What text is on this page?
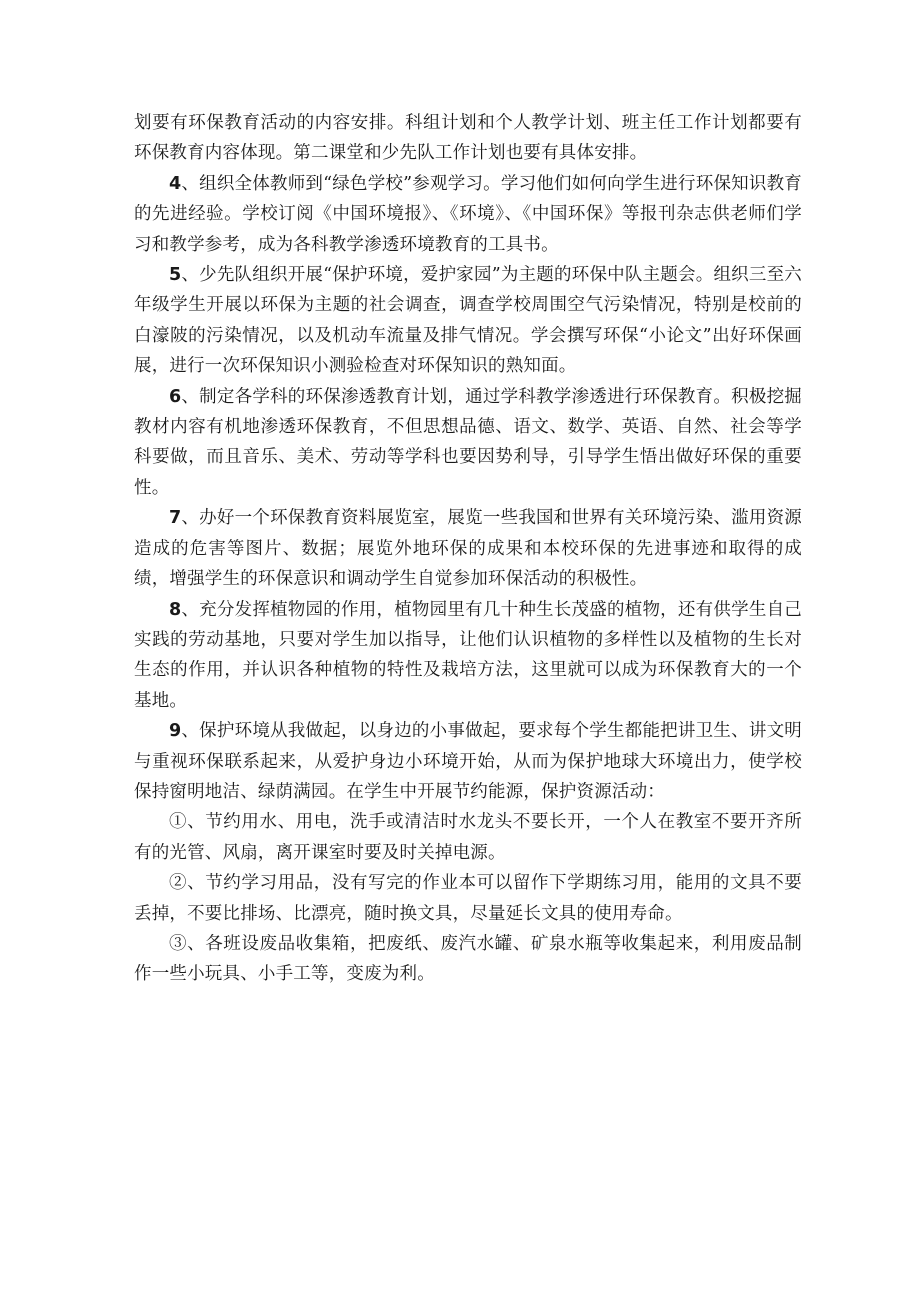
划要有环保教育活动的内容安排。科组计划和个人教学计划、班主任工作计划都要有环保教育内容体现。第二课堂和少先队工作计划也要有具体安排。

4、组织全体教师到“绿色学校”参观学习。学习他们如何向学生进行环保知识教育的先进经验。学校订阅《中国环境报》、《环境》、《中国环保》等报刊杂志供老师们学习和教学参考，成为各科教学渗透环境教育的工具书。

5、少先队组织开展“保护环境，爱护家园”为主题的环保中队主题会。组织三至六年级学生开展以环保为主题的社会调查，调查学校周围空气污染情况，特别是校前的白濠陂的污染情况，以及机动车流量及排气情况。学会撰写环保“小论文”出好环保画展，进行一次环保知识小测验检查对环保知识的熟知面。

6、制定各学科的环保渗透教育计划，通过学科教学渗透进行环保教育。积极挖掘教材内容有机地渗透环保教育，不但思想品德、语文、数学、英语、自然、社会等学科要做，而且音乐、美术、劳动等学科也要因势利导，引导学生悟出做好环保的重要性。

7、办好一个环保教育资料展览室，展览一些我国和世界有关环境污染、滥用资源造成的危害等图片、数据；展览外地环保的成果和本校环保的先进事迹和取得的成绩，增强学生的环保意识和调动学生自觉参加环保活动的积极性。

8、充分发挥植物园的作用，植物园里有几十种生长茂盛的植物，还有供学生自己实践的劳动基地，只要对学生加以指导，让他们认识植物的多样性以及植物的生长对生态的作用，并认识各种植物的特性及栽培方法，这里就可以成为环保教育大的一个基地。

9、保护环境从我做起，以身边的小事做起，要求每个学生都能把讲卫生、讲文明与重视环保联系起来，从爱护身边小环境开始，从而为保护地球大环境出力，使学校保持窗明地洁、绿荫满园。在学生中开展节约能源，保护资源活动：

①、节约用水、用电，洗手或清洁时水龙头不要长开，一个人在教室不要开齐所有的光管、风扇，离开课室时要及时关掉电源。

②、节约学习用品，没有写完的作业本可以留作下学期练习用，能用的文具不要丢掉，不要比排场、比漂亮，随时换文具，尽量延长文具的使用寿命。

③、各班设废品收集箱，把废纸、废汽水罐、矿泉水瓶等收集起来，利用废品制作一些小玩具、小手工等，变废为利。
